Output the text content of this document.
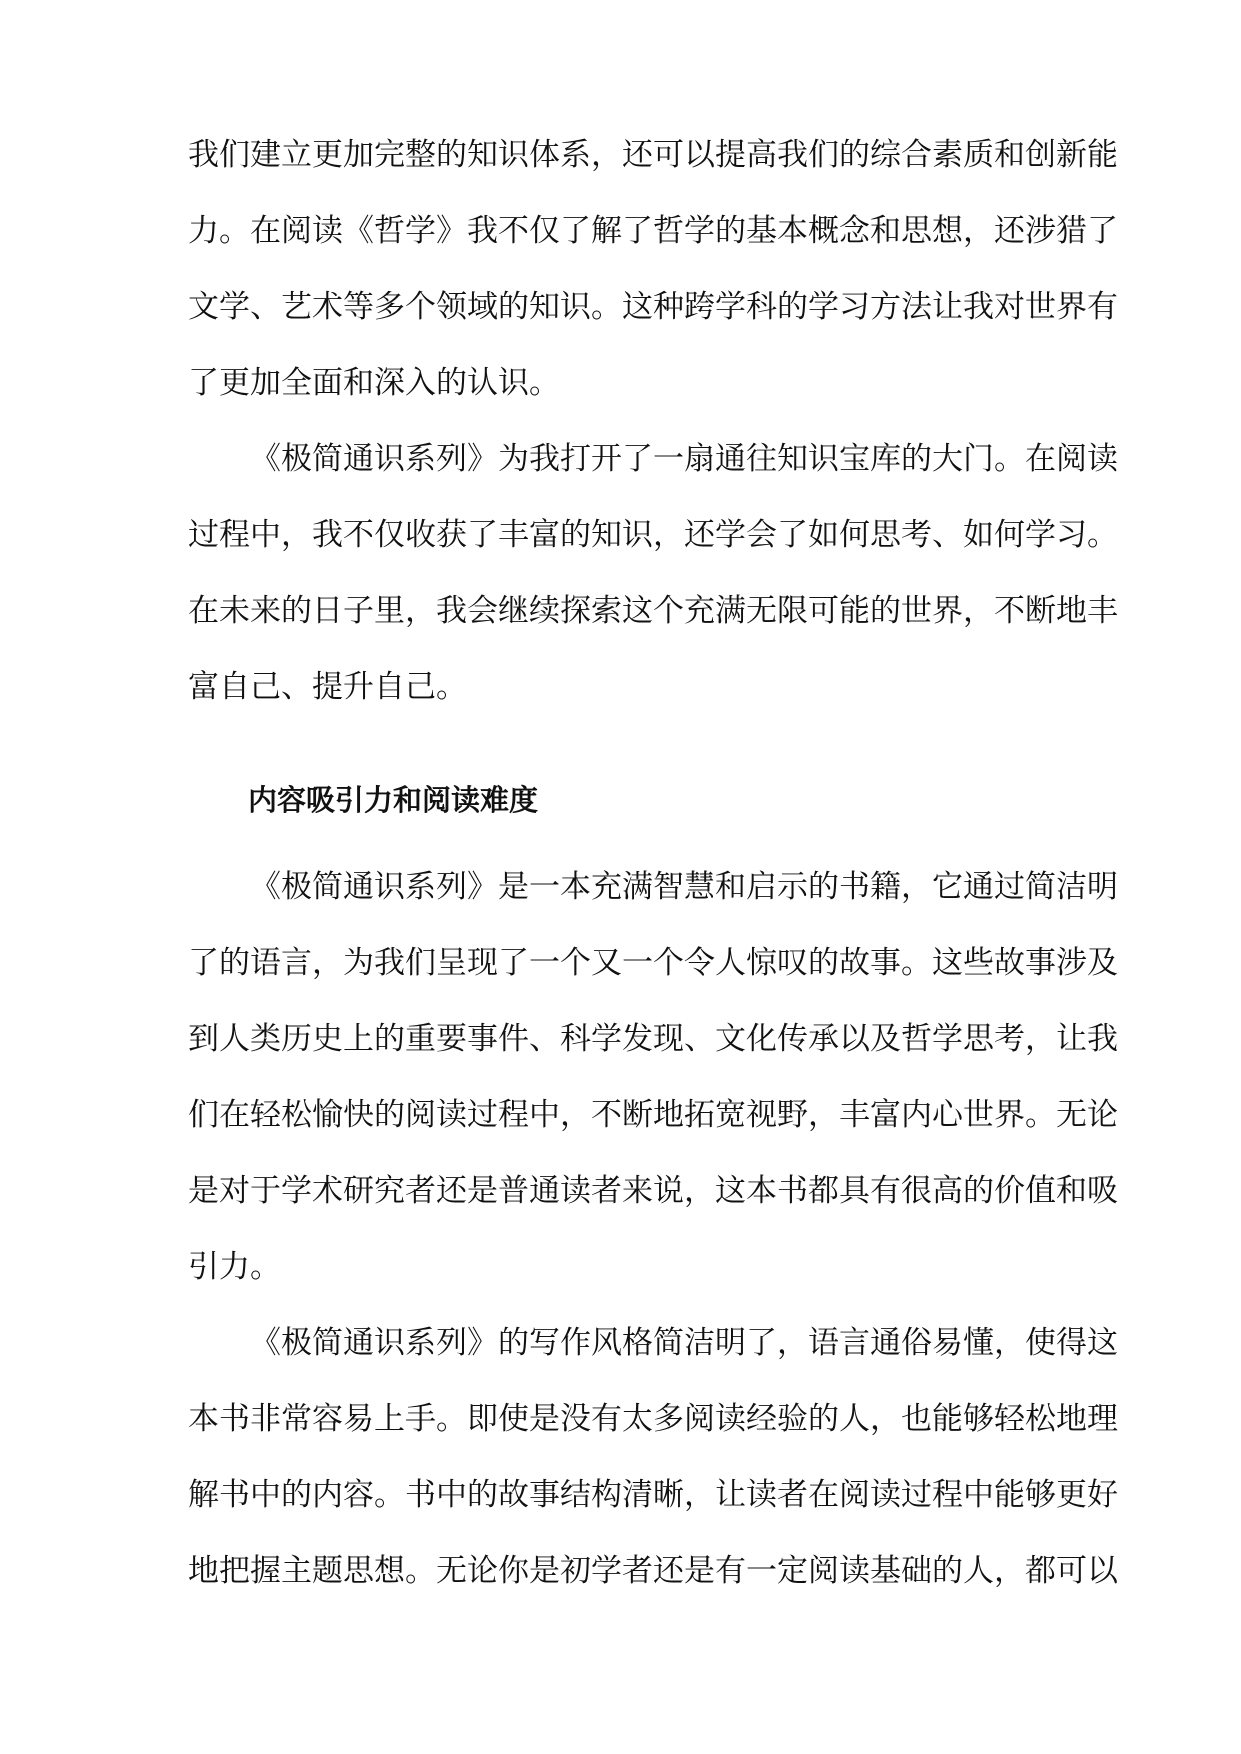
我们建立更加完整的知识体系，还可以提高我们的综合素质和创新能
力。在阅读《哲学》我不仅了解了哲学的基本概念和思想，还涉猎了
文学、艺术等多个领域的知识。这种跨学科的学习方法让我对世界有
了更加全面和深入的认识。
《极简通识系列》为我打开了一扇通往知识宝库的大门。在阅读
过程中，我不仅收获了丰富的知识，还学会了如何思考、如何学习。
在未来的日子里，我会继续探索这个充满无限可能的世界，不断地丰
富自己、提升自己。
内容吸引力和阅读难度
《极简通识系列》是一本充满智慧和启示的书籍，它通过简洁明
了的语言，为我们呈现了一个又一个令人惊叹的故事。这些故事涉及
到人类历史上的重要事件、科学发现、文化传承以及哲学思考，让我
们在轻松愉快的阅读过程中，不断地拓宽视野，丰富内心世界。无论
是对于学术研究者还是普通读者来说，这本书都具有很高的价值和吸
引力。
《极简通识系列》的写作风格简洁明了，语言通俗易懂，使得这
本书非常容易上手。即使是没有太多阅读经验的人，也能够轻松地理
解书中的内容。书中的故事结构清晰，让读者在阅读过程中能够更好
地把握主题思想。无论你是初学者还是有一定阅读基础的人，都可以
